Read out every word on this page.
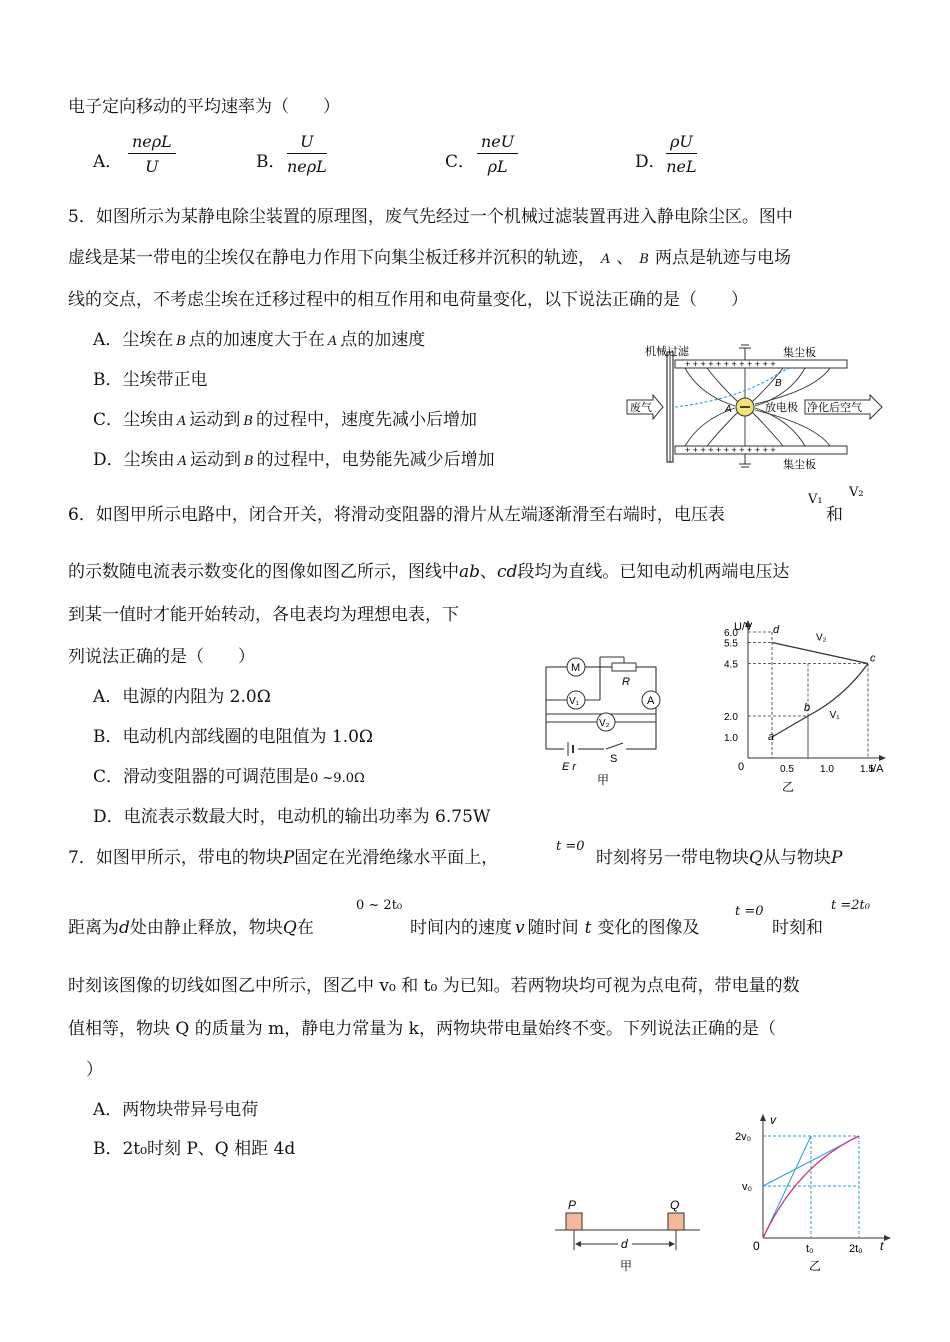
电子定向移动的平均速率为（　　）
A．
neρL
U	B．
U
neρL	C．
neU
ρL	D．
ρU
neL
5．如图所示为某静电除尘装置的原理图，废气先经过一个机械过滤装置再进入静电除尘区。图中
虚线是某一带电的尘埃仅在静电力作用下向集尘板迁移并沉积的轨迹， A 、 B 两点是轨迹与电场
线的交点，不考虑尘埃在迁移过程中的相互作用和电荷量变化，以下说法正确的是（　　）
A．尘埃在 B 点的加速度大于在 A 点的加速度
B．尘埃带正电
C．尘埃由 A 运动到 B 的过程中，速度先减小后增加
D．尘埃由 A 运动到 B 的过程中，电势能先减少后增加
机械过滤	集尘板
+ + + + + + + + + + + +
集尘板
+ + + + + + + + + + + +
放电极
A
B
废气	净化后空气
6．如图甲所示电路中，闭合开关，将滑动变阻器的滑片从左端逐渐滑至右端时，电压表
V₁
和
V₂
的示数随电流表示数变化的图像如图乙所示，图线中ab、cd段均为直线。已知电动机两端电压达
到某一值时才能开始转动，各电表均为理想电表，下
列说法正确的是（　　）
A．电源的内阻为 2.0Ω
B．电动机内部线圈的电阻值为 1.0Ω
C．滑动变阻器的可调范围是0 ~9.0Ω
D．电流表示数最大时，电动机的输出功率为 6.75W
M
R
V₁	A
V₂
E r
S
甲
U/V
I/A
0
6.0
5.5
4.5
2.0
1.0
0.5	1.0	1.5
d
c
b
a
V₂
V₁
乙
7．如图甲所示，带电的物块P固定在光滑绝缘水平面上，
t =0
时刻将另一带电物块Q从与物块P
距离为d处由静止释放，物块Q在
0 ~ 2t₀
时间内的速度 v 随时间 t 变化的图像及
t =0
时刻和
t =2t₀
时刻该图像的切线如图乙中所示，图乙中 v₀ 和 t₀ 为已知。若两物块均可视为点电荷，带电量的数
值相等，物块 Q 的质量为 m，静电力常量为 k，两物块带电量始终不变。下列说法正确的是（
）
A．两物块带异号电荷
B．2t₀时刻 P、Q 相距 4d
P	Q
d
甲
v
t
0
2v₀
v₀
t₀	2t₀
乙
